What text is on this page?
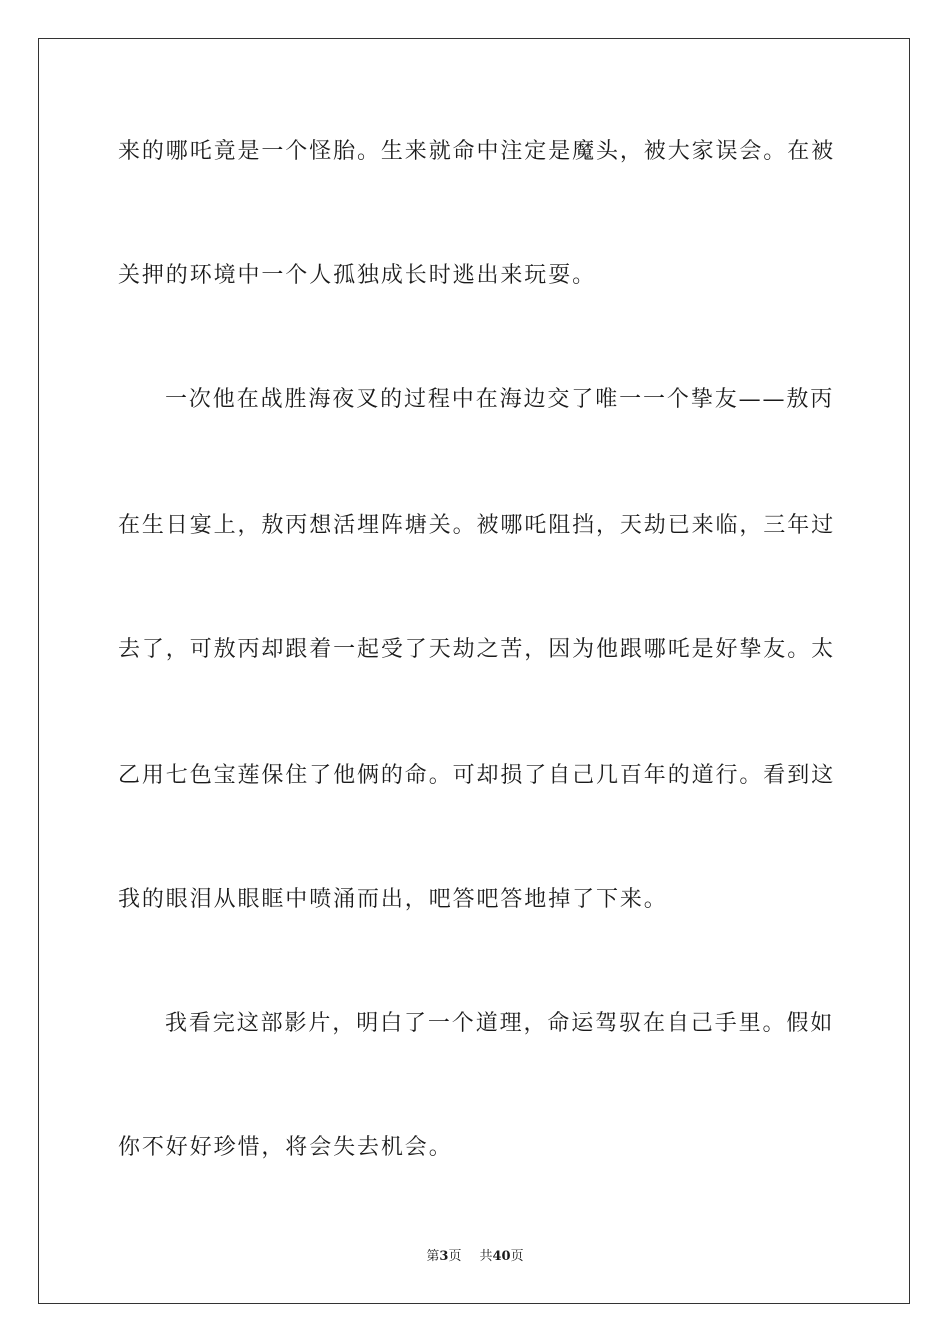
来的哪吒竟是一个怪胎。生来就命中注定是魔头，被大家误会。在被
关押的环境中一个人孤独成长时逃出来玩耍。
一次他在战胜海夜叉的过程中在海边交了唯一一个挚友——敖丙
在生日宴上，敖丙想活埋阵塘关。被哪吒阻挡，天劫已来临，三年过
去了，可敖丙却跟着一起受了天劫之苦，因为他跟哪吒是好挚友。太
乙用七色宝莲保住了他俩的命。可却损了自己几百年的道行。看到这
我的眼泪从眼眶中喷涌而出，吧答吧答地掉了下来。
我看完这部影片，明白了一个道理，命运驾驭在自己手里。假如
你不好好珍惜，将会失去机会。
第3页 共40页
